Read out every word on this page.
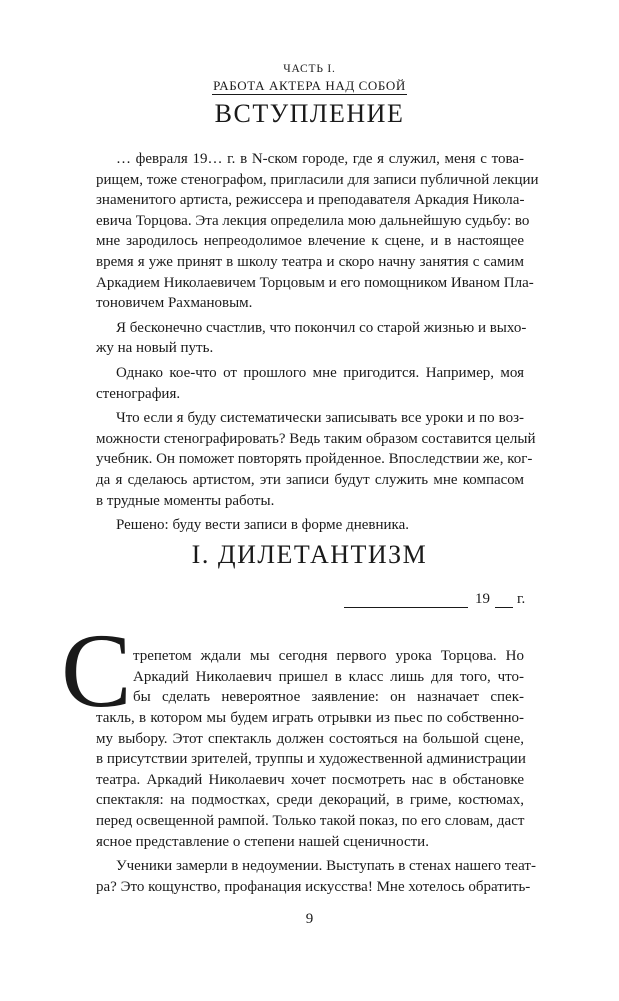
ЧАСТЬ I.
РАБОТА АКТЕРА НАД СОБОЙ
ВСТУПЛЕНИЕ
… февраля 19… г. в N-ском городе, где я служил, меня с това-
рищем, тоже стенографом, пригласили для записи публичной лекции
знаменитого артиста, режиссера и преподавателя Аркадия Никола-
евича Торцова. Эта лекция определила мою дальнейшую судьбу: во
мне зародилось непреодолимое влечение к сцене, и в настоящее
время я уже принят в школу театра и скоро начну занятия с самим
Аркадием Николаевичем Торцовым и его помощником Иваном Пла-
тоновичем Рахмановым.
Я бесконечно счастлив, что покончил со старой жизнью и выхо-
жу на новый путь.
Однако кое-что от прошлого мне пригодится. Например, моя
стенография.
Что если я буду систематически записывать все уроки и по воз-
можности стенографировать? Ведь таким образом составится целый
учебник. Он поможет повторять пройденное. Впоследствии же, ког-
да я сделаюсь артистом, эти записи будут служить мне компасом
в трудные моменты работы.
Решено: буду вести записи в форме дневника.
I. ДИЛЕТАНТИЗМ
19 г.
С трепетом ждали мы сегодня первого урока Торцова. Но
Аркадий Николаевич пришел в класс лишь для того, что-
бы сделать невероятное заявление: он назначает спек-
такль, в котором мы будем играть отрывки из пьес по собственно-
му выбору. Этот спектакль должен состояться на большой сцене,
в присутствии зрителей, труппы и художественной администрации
театра. Аркадий Николаевич хочет посмотреть нас в обстановке
спектакля: на подмостках, среди декораций, в гриме, костюмах,
перед освещенной рампой. Только такой показ, по его словам, даст
ясное представление о степени нашей сценичности.
Ученики замерли в недоумении. Выступать в стенах нашего теат-
ра? Это кощунство, профанация искусства! Мне хотелось обратить-
9
